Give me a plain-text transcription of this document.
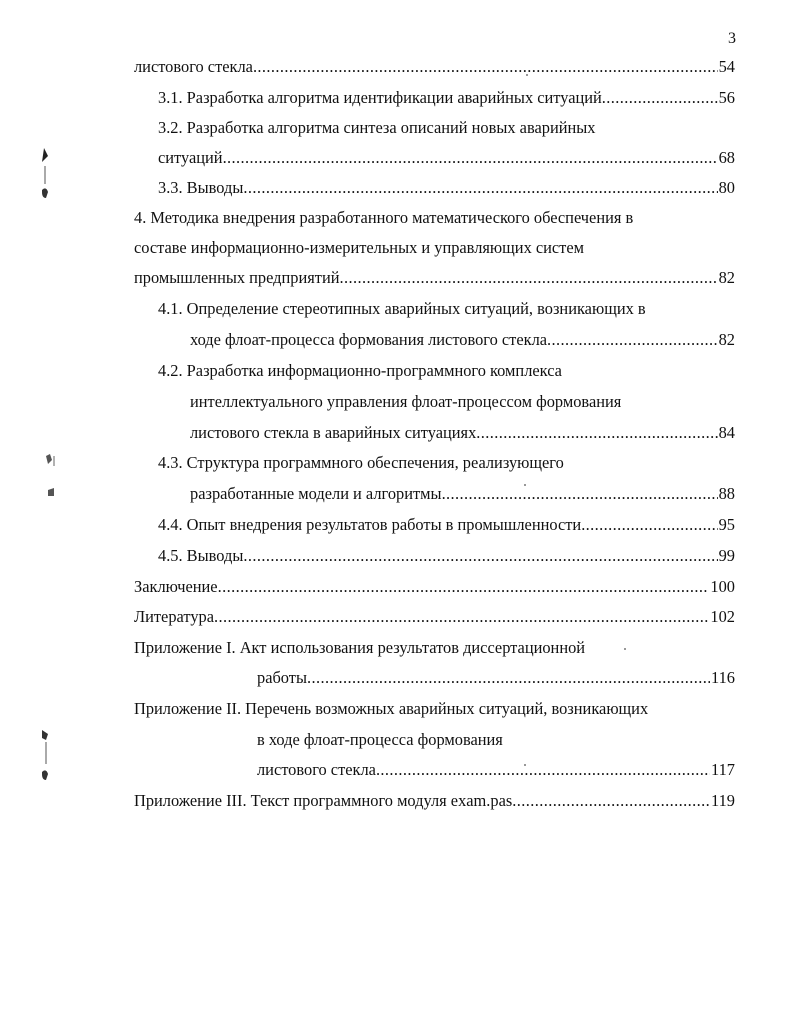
3
листового стекла .....	54
3.1. Разработка алгоритма идентификации аварийных ситуаций .....	56
3.2. Разработка алгоритма синтеза описаний новых аварийных
ситуаций .....	68
3.3. Выводы .....	80
4. Методика внедрения разработанного математического обеспечения в
составе информационно-измерительных и управляющих систем
промышленных предприятий .....	82
4.1. Определение стереотипных аварийных ситуаций, возникающих в
ходе флоат-процесса формования листового стекла .....	82
4.2. Разработка информационно-программного комплекса
интеллектуального управления флоат-процессом формования
листового стекла в аварийных ситуациях .....	84
4.3. Структура программного обеспечения, реализующего
разработанные модели и алгоритмы .....	88
4.4. Опыт внедрения результатов работы в промышленности .....	95
4.5. Выводы .....	99
Заключение .....	100
Литература .....	102
Приложение I. Акт использования результатов диссертационной
работы .....	116
Приложение II. Перечень возможных аварийных ситуаций, возникающих
в ходе флоат-процесса формования
листового стекла .....	117
Приложение III. Текст программного модуля exam.pas .....	119
